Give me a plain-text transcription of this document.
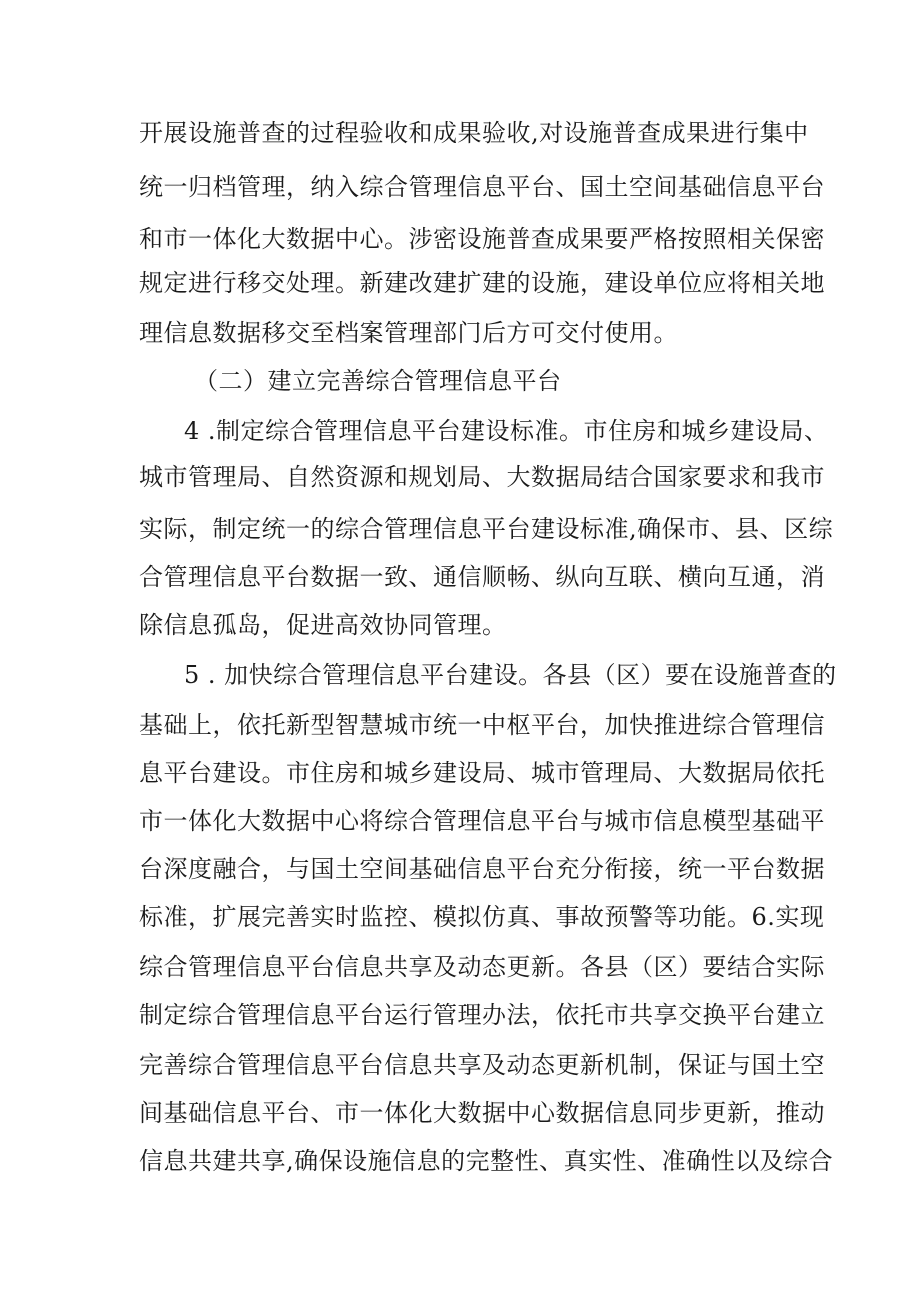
开展设施普查的过程验收和成果验收,对设施普查成果进行集中
统一归档管理，纳入综合管理信息平台、国土空间基础信息平台
和市一体化大数据中心。涉密设施普查成果要严格按照相关保密
规定进行移交处理。新建改建扩建的设施，建设单位应将相关地
理信息数据移交至档案管理部门后方可交付使用。
（二）建立完善综合管理信息平台
4 .制定综合管理信息平台建设标准。市住房和城乡建设局、
城市管理局、自然资源和规划局、大数据局结合国家要求和我市
实际，制定统一的综合管理信息平台建设标准,确保市、县、区综
合管理信息平台数据一致、通信顺畅、纵向互联、横向互通，消
除信息孤岛，促进高效协同管理。
5 . 加快综合管理信息平台建设。各县（区）要在设施普查的
基础上，依托新型智慧城市统一中枢平台，加快推进综合管理信
息平台建设。市住房和城乡建设局、城市管理局、大数据局依托
市一体化大数据中心将综合管理信息平台与城市信息模型基础平
台深度融合，与国土空间基础信息平台充分衔接，统一平台数据
标准，扩展完善实时监控、模拟仿真、事故预警等功能。6.实现
综合管理信息平台信息共享及动态更新。各县（区）要结合实际
制定综合管理信息平台运行管理办法，依托市共享交换平台建立
完善综合管理信息平台信息共享及动态更新机制，保证与国土空
间基础信息平台、市一体化大数据中心数据信息同步更新，推动
信息共建共享,确保设施信息的完整性、真实性、准确性以及综合
